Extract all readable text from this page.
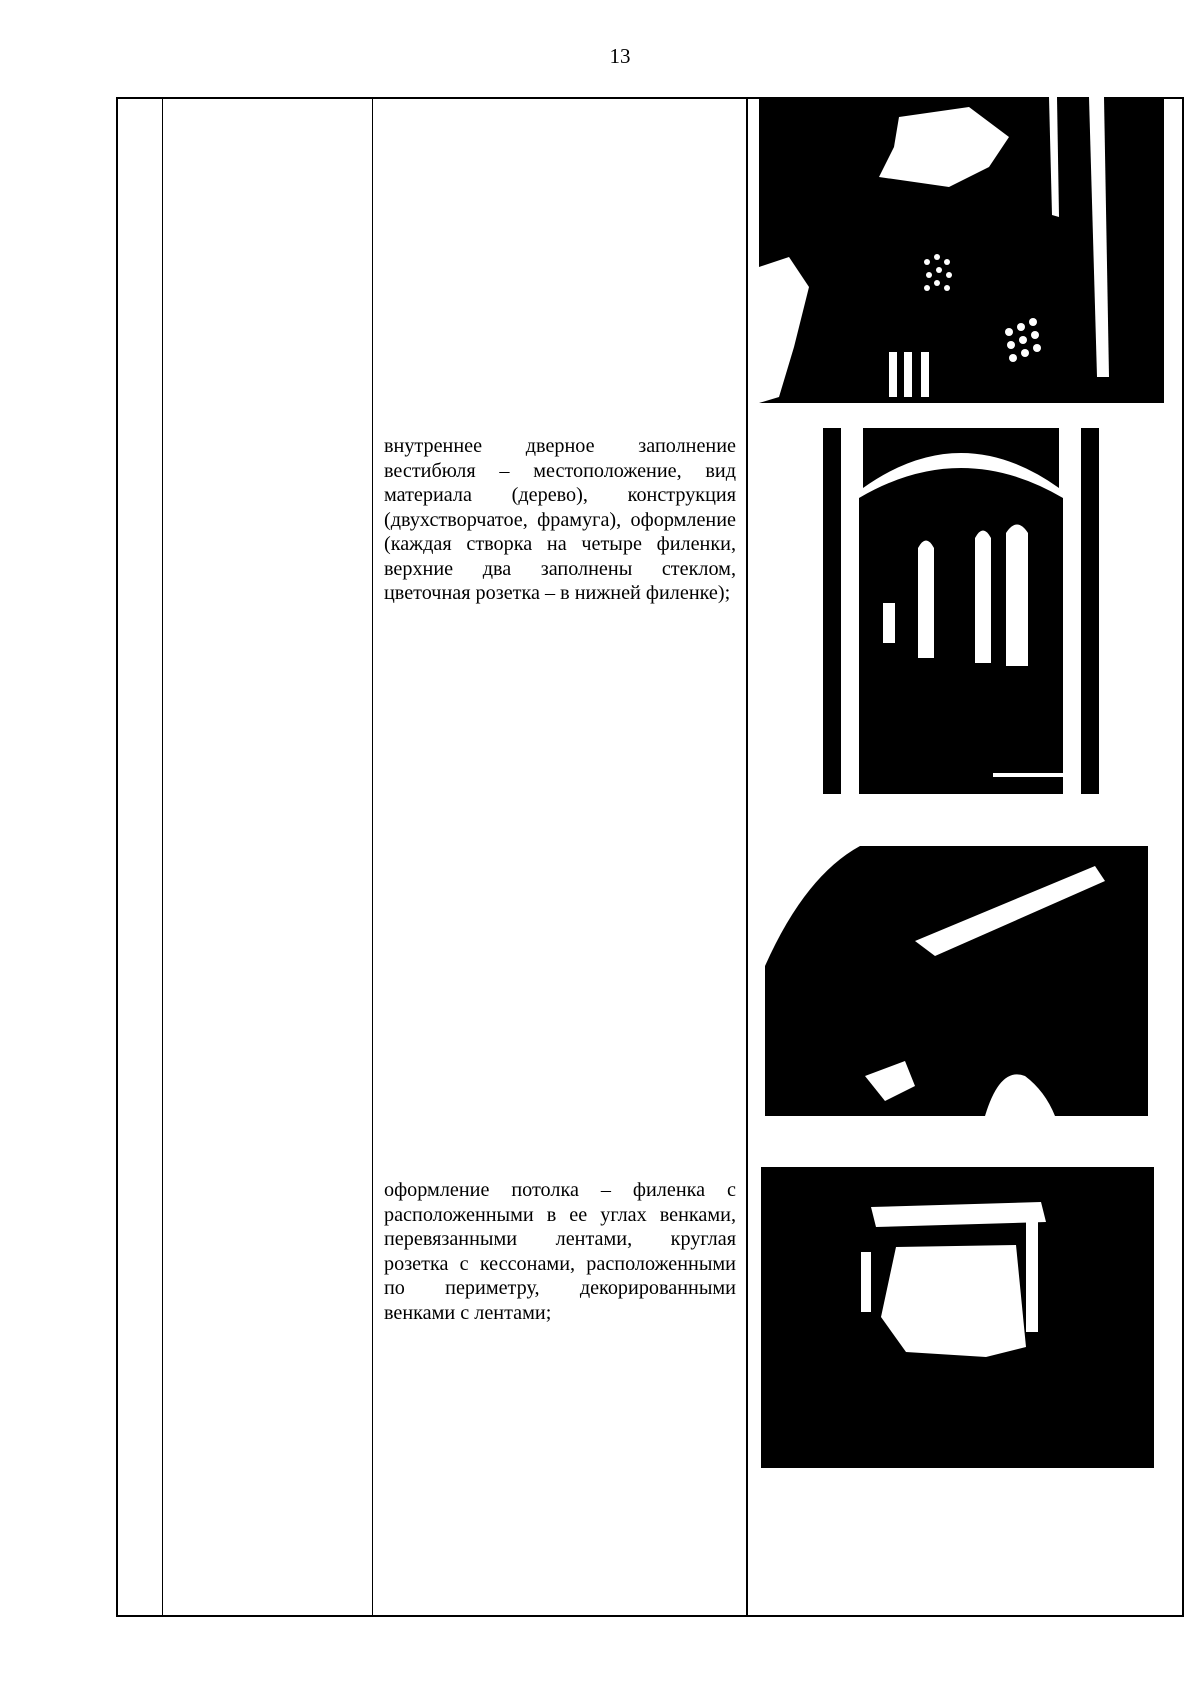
13
внутреннее дверное заполнение вестибюля – местоположение, вид материала (дерево), конструкция (двухстворчатое, фрамуга), оформление (каждая створка на четыре филенки, верхние два заполнены стеклом, цветочная розетка – в нижней филенке);
оформление потолка – филенка с расположенными в ее углах венками, перевязанными лентами, круглая розетка с кессонами, расположенными по периметру, декорированными венками с лентами;
